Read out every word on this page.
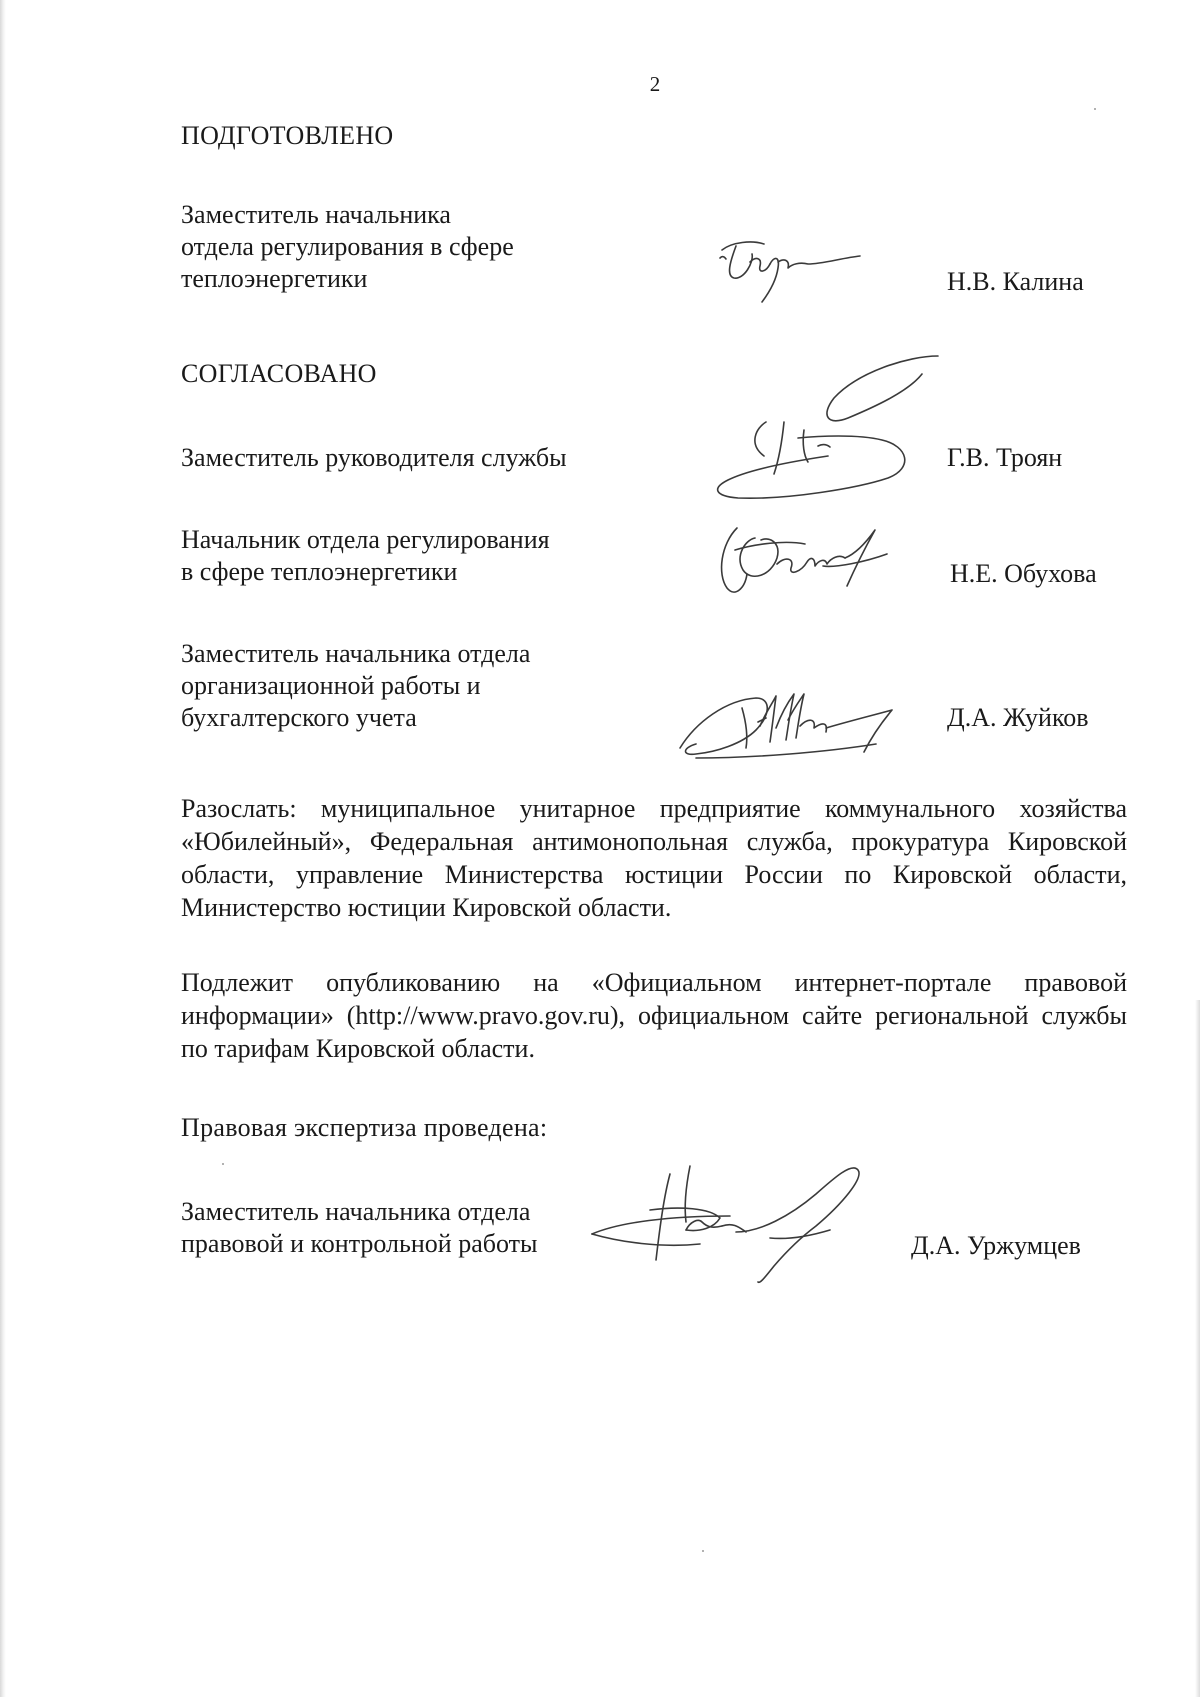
2
ПОДГОТОВЛЕНО
Заместитель начальника
отдела регулирования в сфере
теплоэнергетики	Н.В. Калина
СОГЛАСОВАНО
Заместитель руководителя службы	Г.В. Троян
Начальник отдела регулирования
в сфере теплоэнергетики	Н.Е. Обухова
Заместитель начальника отдела
организационной работы и
бухгалтерского учета	Д.А. Жуйков
Разослать: муниципальное унитарное предприятие коммунального хозяйства «Юбилейный», Федеральная антимонопольная служба, прокуратура Кировской области, управление Министерства юстиции России по Кировской области, Министерство юстиции Кировской области.
Подлежит опубликованию на «Официальном интернет-портале правовой информации» (http://www.pravo.gov.ru), официальном сайте региональной службы по тарифам Кировской области.
Правовая экспертиза проведена:
Заместитель начальника отдела
правовой и контрольной работы	Д.А. Уржумцев
